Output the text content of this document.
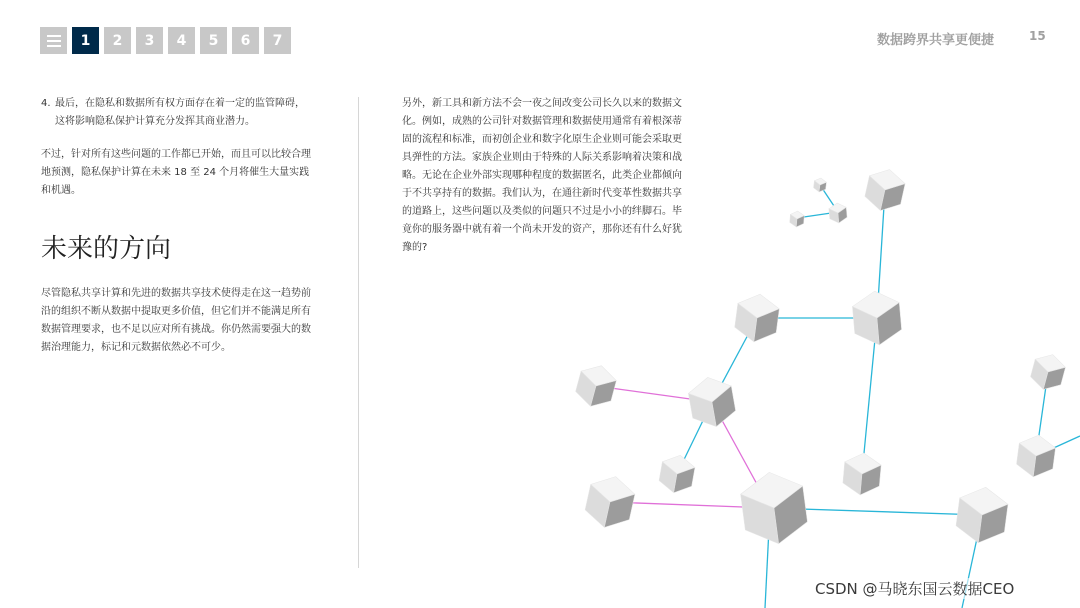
1	2	3	4	5	6	7	数据跨界共享更便捷	15
4. 最后，在隐私和数据所有权方面存在着一定的监管障碍，这将影响隐私保护计算充分发挥其商业潜力。

不过，针对所有这些问题的工作都已开始，而且可以比较合理地预测，隐私保护计算在未来 18 至 24 个月将催生大量实践和机遇。

未来的方向

尽管隐私共享计算和先进的数据共享技术使得走在这一趋势前沿的组织不断从数据中提取更多价值，但它们并不能满足所有数据管理要求，也不足以应对所有挑战。你仍然需要强大的数据治理能力，标记和元数据依然必不可少。

另外，新工具和新方法不会一夜之间改变公司长久以来的数据文化。例如，成熟的公司针对数据管理和数据使用通常有着根深蒂固的流程和标准，而初创企业和数字化原生企业则可能会采取更具弹性的方法。家族企业则由于特殊的人际关系影响着决策和战略。无论在企业外部实现哪种程度的数据匿名，此类企业都倾向于不共享持有的数据。我们认为，在通往新时代变革性数据共享的道路上，这些问题以及类似的问题只不过是小小的绊脚石。毕竟你的服务器中就有着一个尚未开发的资产，那你还有什么好犹豫的?

CSDN @马晓东国云数据CEO
